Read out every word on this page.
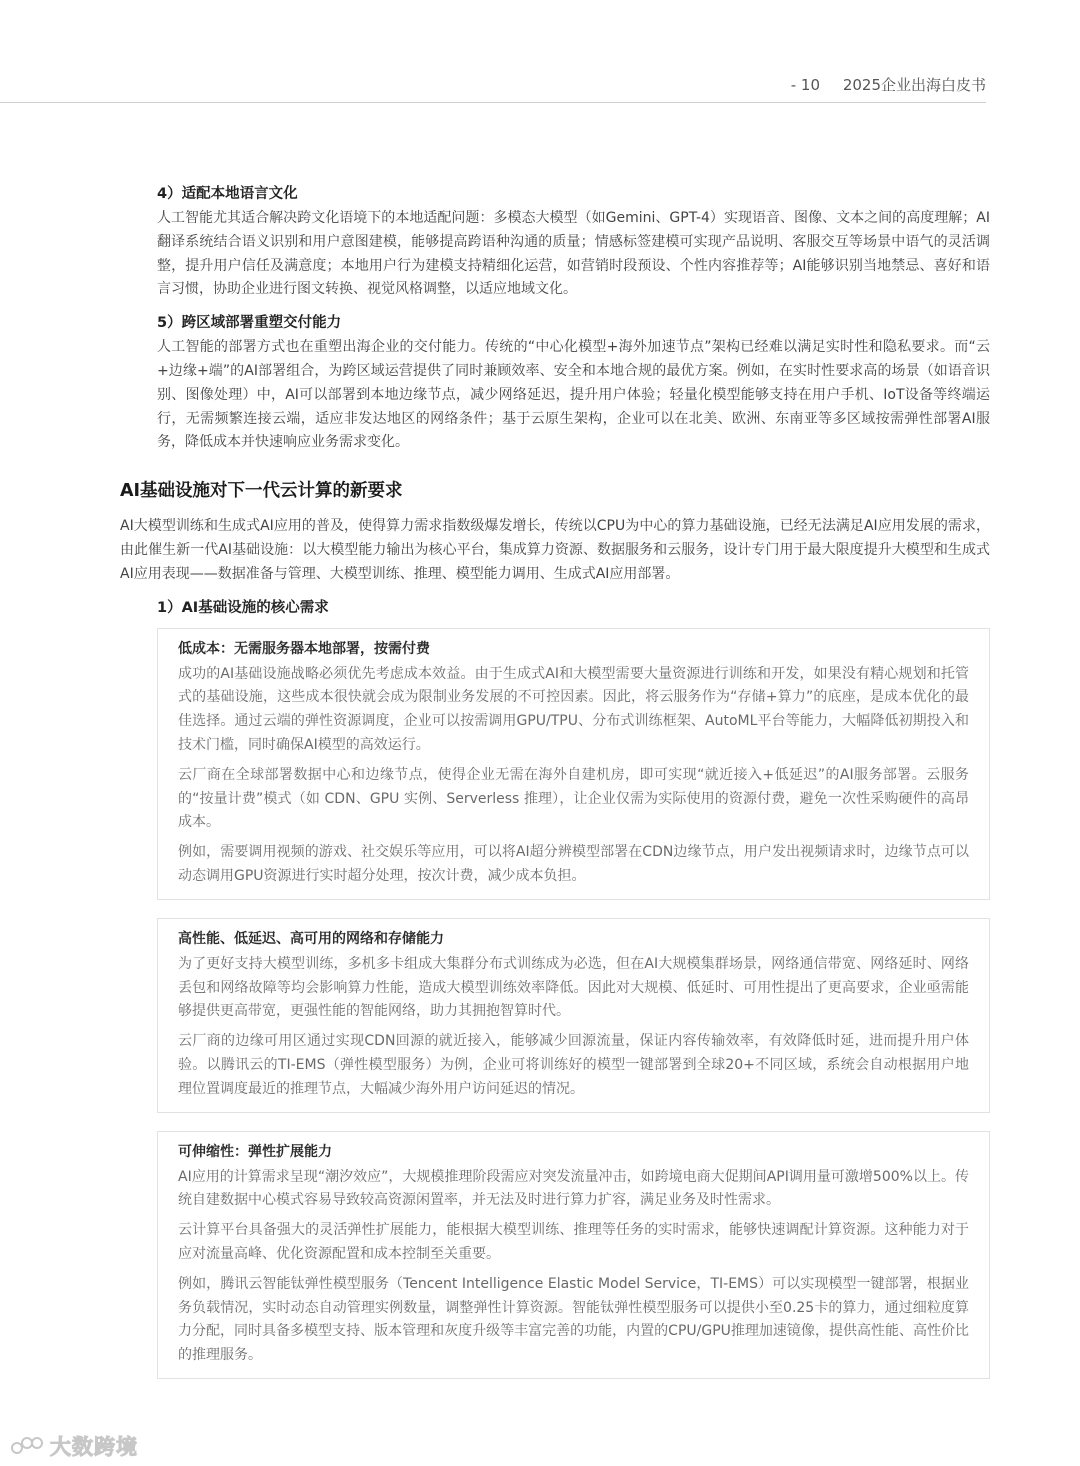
- 10 2025企业出海白皮书
4）适配本地语言文化

人工智能尤其适合解决跨文化语境下的本地适配问题：多模态大模型（如Gemini、GPT-4）实现语音、图像、文本之间的高度理解；AI翻译系统结合语义识别和用户意图建模，能够提高跨语种沟通的质量；情感标签建模可实现产品说明、客服交互等场景中语气的灵活调整，提升用户信任及满意度；本地用户行为建模支持精细化运营，如营销时段预设、个性内容推荐等；AI能够识别当地禁忌、喜好和语言习惯，协助企业进行图文转换、视觉风格调整，以适应地域文化。

5）跨区域部署重塑交付能力

人工智能的部署方式也在重塑出海企业的交付能力。传统的“中心化模型+海外加速节点”架构已经难以满足实时性和隐私要求。而“云+边缘+端”的AI部署组合，为跨区域运营提供了同时兼顾效率、安全和本地合规的最优方案。例如，在实时性要求高的场景（如语音识别、图像处理）中，AI可以部署到本地边缘节点，减少网络延迟，提升用户体验；轻量化模型能够支持在用户手机、IoT设备等终端运行，无需频繁连接云端，适应非发达地区的网络条件；基于云原生架构，企业可以在北美、欧洲、东南亚等多区域按需弹性部署AI服务，降低成本并快速响应业务需求变化。

AI基础设施对下一代云计算的新要求

AI大模型训练和生成式AI应用的普及，使得算力需求指数级爆发增长，传统以CPU为中心的算力基础设施，已经无法满足AI应用发展的需求，由此催生新一代AI基础设施：以大模型能力输出为核心平台，集成算力资源、数据服务和云服务，设计专门用于最大限度提升大模型和生成式AI应用表现——数据准备与管理、大模型训练、推理、模型能力调用、生成式AI应用部署。

1）AI基础设施的核心需求
低成本：无需服务器本地部署，按需付费

成功的AI基础设施战略必须优先考虑成本效益。由于生成式AI和大模型需要大量资源进行训练和开发，如果没有精心规划和托管式的基础设施，这些成本很快就会成为限制业务发展的不可控因素。因此，将云服务作为“存储+算力”的底座，是成本优化的最佳选择。通过云端的弹性资源调度，企业可以按需调用GPU/TPU、分布式训练框架、AutoML平台等能力，大幅降低初期投入和技术门槛，同时确保AI模型的高效运行。

云厂商在全球部署数据中心和边缘节点，使得企业无需在海外自建机房，即可实现“就近接入+低延迟”的AI服务部署。云服务的“按量计费”模式（如 CDN、GPU 实例、Serverless 推理），让企业仅需为实际使用的资源付费，避免一次性采购硬件的高昂成本。

例如，需要调用视频的游戏、社交娱乐等应用，可以将AI超分辨模型部署在CDN边缘节点，用户发出视频请求时，边缘节点可以动态调用GPU资源进行实时超分处理，按次计费，减少成本负担。

高性能、低延迟、高可用的网络和存储能力

为了更好支持大模型训练，多机多卡组成大集群分布式训练成为必选，但在AI大规模集群场景，网络通信带宽、网络延时、网络丢包和网络故障等均会影响算力性能，造成大模型训练效率降低。因此对大规模、低延时、可用性提出了更高要求，企业亟需能够提供更高带宽，更强性能的智能网络，助力其拥抱智算时代。

云厂商的边缘可用区通过实现CDN回源的就近接入，能够减少回源流量，保证内容传输效率，有效降低时延，进而提升用户体验。以腾讯云的TI-EMS（弹性模型服务）为例，企业可将训练好的模型一键部署到全球20+不同区域，系统会自动根据用户地理位置调度最近的推理节点，大幅减少海外用户访问延迟的情况。

可伸缩性：弹性扩展能力

AI应用的计算需求呈现“潮汐效应”，大规模推理阶段需应对突发流量冲击，如跨境电商大促期间API调用量可激增500%以上。传统自建数据中心模式容易导致较高资源闲置率，并无法及时进行算力扩容，满足业务及时性需求。

云计算平台具备强大的灵活弹性扩展能力，能根据大模型训练、推理等任务的实时需求，能够快速调配计算资源。这种能力对于应对流量高峰、优化资源配置和成本控制至关重要。

例如，腾讯云智能钛弹性模型服务（Tencent Intelligence Elastic Model Service，TI-EMS）可以实现模型一键部署，根据业务负载情况，实时动态自动管理实例数量，调整弹性计算资源。智能钛弹性模型服务可以提供小至0.25卡的算力，通过细粒度算力分配，同时具备多模型支持、版本管理和灰度升级等丰富完善的功能，内置的CPU/GPU推理加速镜像，提供高性能、高性价比的推理服务。

大数跨境
